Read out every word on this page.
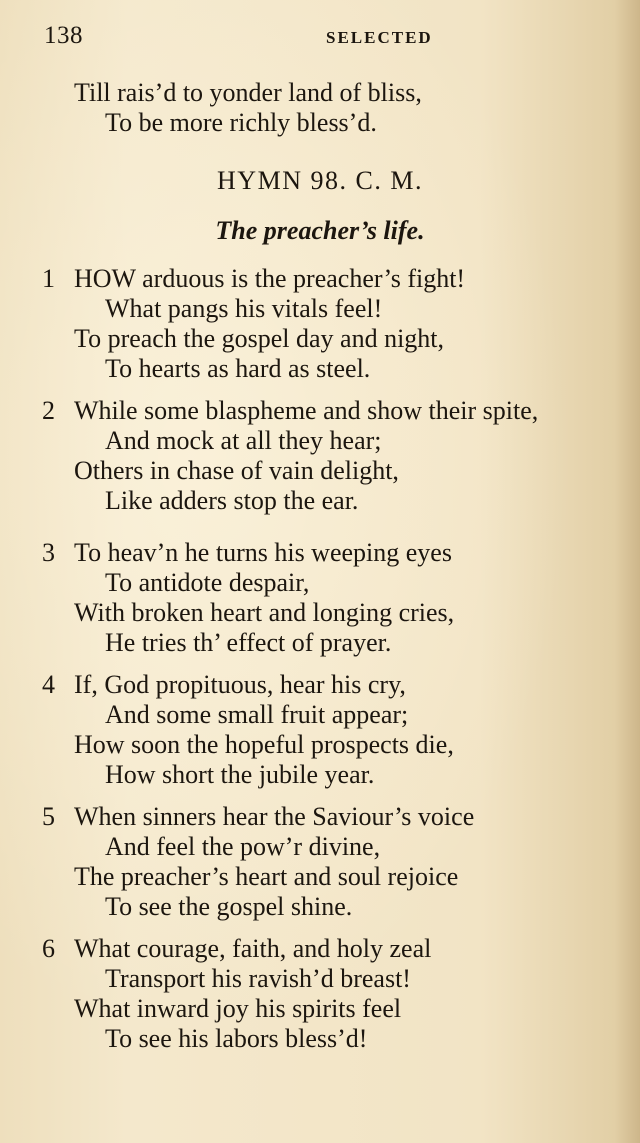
138	SELECTED
Till rais’d to yonder land of bliss,
To be more richly bless’d.
HYMN 98. C. M.
The preacher’s life.
1 HOW arduous is the preacher’s fight!
What pangs his vitals feel!
To preach the gospel day and night,
To hearts as hard as steel.
2 While some blaspheme and show their spite,
And mock at all they hear;
Others in chase of vain delight,
Like adders stop the ear.
3 To heav’n he turns his weeping eyes
To antidote despair,
With broken heart and longing cries,
He tries th’ effect of prayer.
4 If, God propituous, hear his cry,
And some small fruit appear;
How soon the hopeful prospects die,
How short the jubile year.
5 When sinners hear the Saviour’s voice
And feel the pow’r divine,
The preacher’s heart and soul rejoice
To see the gospel shine.
6 What courage, faith, and holy zeal
Transport his ravish’d breast!
What inward joy his spirits feel
To see his labors bless’d!
